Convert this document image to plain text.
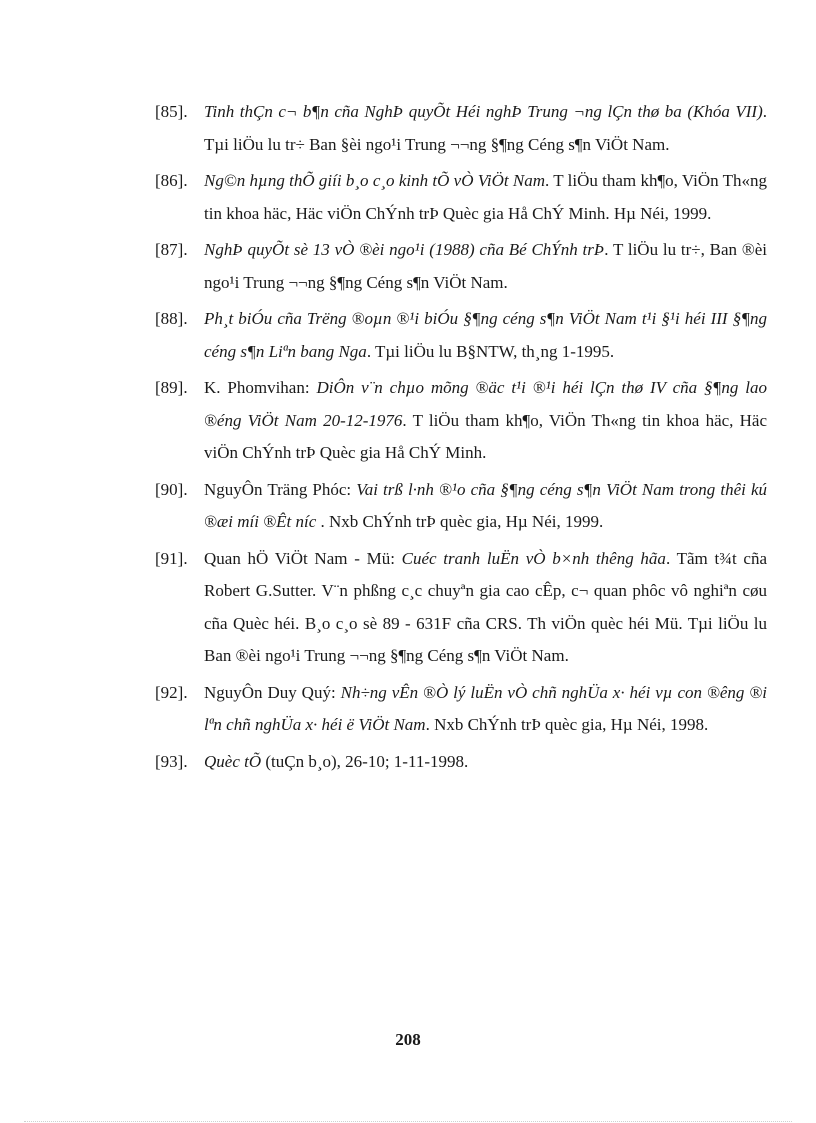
[85]. Tinh thÇn c¬ b¶n cña NghÞ quyÕt Héi nghÞ Trung ¬ng lÇn thø ba (Khóa VII). Tµi liÖu lu tr÷ Ban §èi ngo¹i Trung ¬¬ng §¶ng Céng s¶n ViÖt Nam.
[86]. Ng©n hµng thÕ giíi b¸o c¸o kinh tÕ vÒ ViÖt Nam. T liÖu tham kh¶o, ViÖn Th«ng tin khoa häc, Häc viÖn ChÝnh trÞ Quèc gia Hå ChÝ Minh. Hµ Néi, 1999.
[87]. NghÞ quyÕt sè 13 vÒ ®èi ngo¹i (1988) cña Bé ChÝnh trÞ. T liÖu lu tr÷, Ban ®èi ngo¹i Trung ¬¬ng §¶ng Céng s¶n ViÖt Nam.
[88]. Ph¸t biÓu cña Trëng ®oµn ®¹i biÓu §¶ng céng s¶n ViÖt Nam t¹i §¹i héi III §¶ng céng s¶n Liªn bang Nga. Tµi liÖu lu B§NTW, th¸ng 1-1995.
[89]. K. Phomvihan: DiÔn v¨n chµo mõng ®äc t¹i ®¹i héi lÇn thø IV cña §¶ng lao ®éng ViÖt Nam 20-12-1976. T liÖu tham kh¶o, ViÖn Th«ng tin khoa häc, Häc viÖn ChÝnh trÞ Quèc gia Hå ChÝ Minh.
[90]. NguyÔn Träng Phóc: Vai trß l·nh ®¹o cña §¶ng céng s¶n ViÖt Nam trong thêi kú ®æi míi ®Êt níc . Nxb ChÝnh trÞ quèc gia, Hµ Néi, 1999.
[91]. Quan hÖ ViÖt Nam - Mü: Cuéc tranh luËn vÒ b×nh thêng hãa. Tãm t¾t cña Robert G.Sutter. V¨n phßng c¸c chuyªn gia cao cÊp, c¬ quan phôc vô nghiªn cøu cña Quèc héi. B¸o c¸o sè 89 - 631F cña CRS. Th viÖn quèc héi Mü. Tµi liÖu lu Ban ®èi ngo¹i Trung ¬¬ng §¶ng Céng s¶n ViÖt Nam.
[92]. NguyÔn Duy Quý: Nh÷ng vÊn ®Ò lý luËn vÒ chñ nghÜa x· héi vµ con ®êng ®i lªn chñ nghÜa x· héi ë ViÖt Nam. Nxb ChÝnh trÞ quèc gia, Hµ Néi, 1998.
[93]. Quèc tÕ (tuÇn b¸o), 26-10; 1-11-1998.
208
